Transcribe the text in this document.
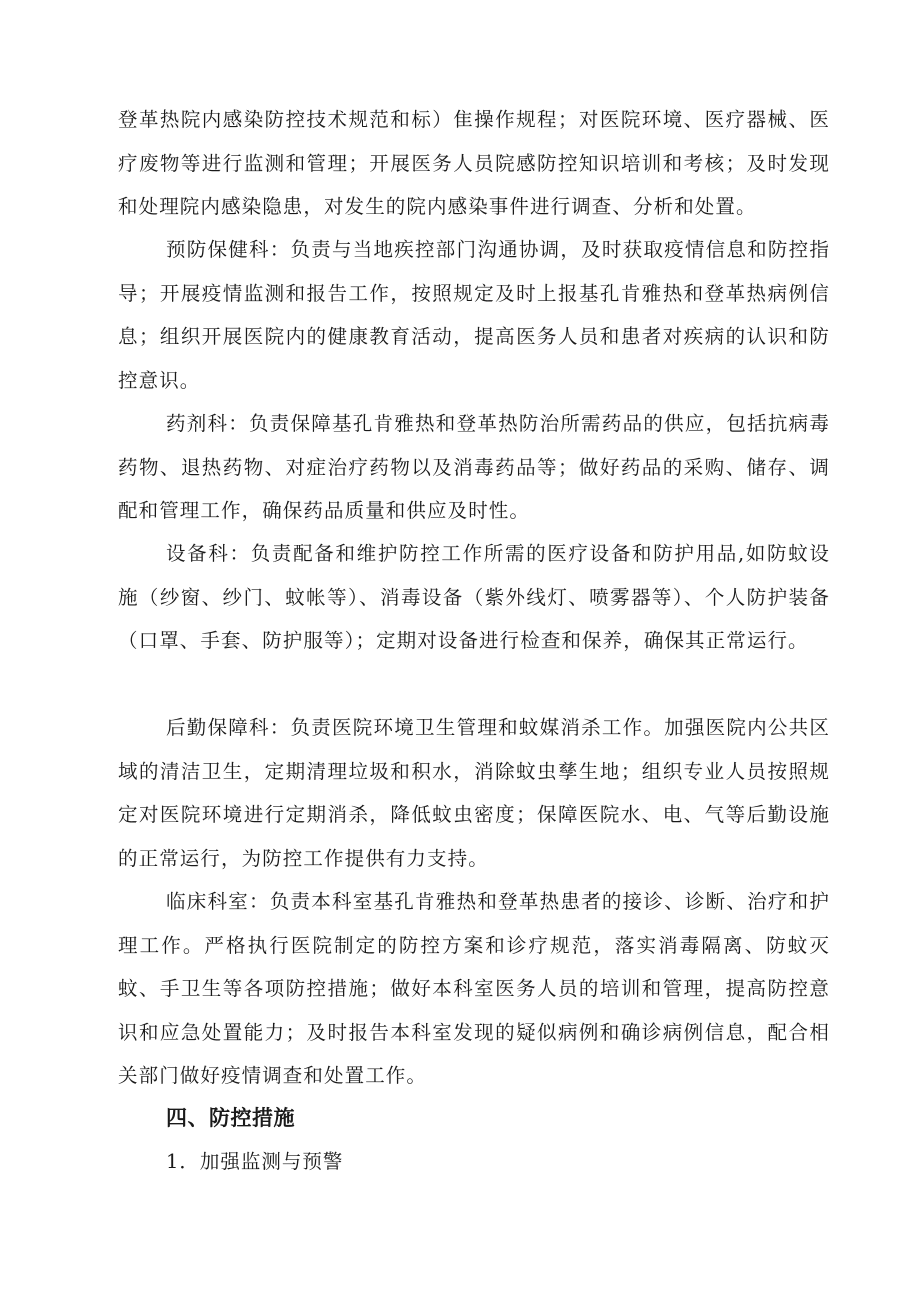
登革热院内感染防控技术规范和标）隹操作规程；对医院环境、医疗器械、医疗废物等进行监测和管理；开展医务人员院感防控知识培训和考核；及时发现和处理院内感染隐患，对发生的院内感染事件进行调查、分析和处置。

预防保健科：负责与当地疾控部门沟通协调，及时获取疫情信息和防控指导；开展疫情监测和报告工作，按照规定及时上报基孔肯雅热和登革热病例信息；组织开展医院内的健康教育活动，提高医务人员和患者对疾病的认识和防控意识。

药剂科：负责保障基孔肯雅热和登革热防治所需药品的供应，包括抗病毒药物、退热药物、对症治疗药物以及消毒药品等；做好药品的采购、储存、调配和管理工作，确保药品质量和供应及时性。

设备科：负责配备和维护防控工作所需的医疗设备和防护用品,如防蚊设施（纱窗、纱门、蚊帐等）、消毒设备（紫外线灯、喷雾器等）、个人防护装备（口罩、手套、防护服等）；定期对设备进行检查和保养，确保其正常运行。

后勤保障科：负责医院环境卫生管理和蚊媒消杀工作。加强医院内公共区域的清洁卫生，定期清理垃圾和积水，消除蚊虫孳生地；组织专业人员按照规定对医院环境进行定期消杀，降低蚊虫密度；保障医院水、电、气等后勤设施的正常运行，为防控工作提供有力支持。

临床科室：负责本科室基孔肯雅热和登革热患者的接诊、诊断、治疗和护理工作。严格执行医院制定的防控方案和诊疗规范，落实消毒隔离、防蚊灭蚊、手卫生等各项防控措施；做好本科室医务人员的培训和管理，提高防控意识和应急处置能力；及时报告本科室发现的疑似病例和确诊病例信息，配合相关部门做好疫情调查和处置工作。

四、防控措施

1．加强监测与预警
